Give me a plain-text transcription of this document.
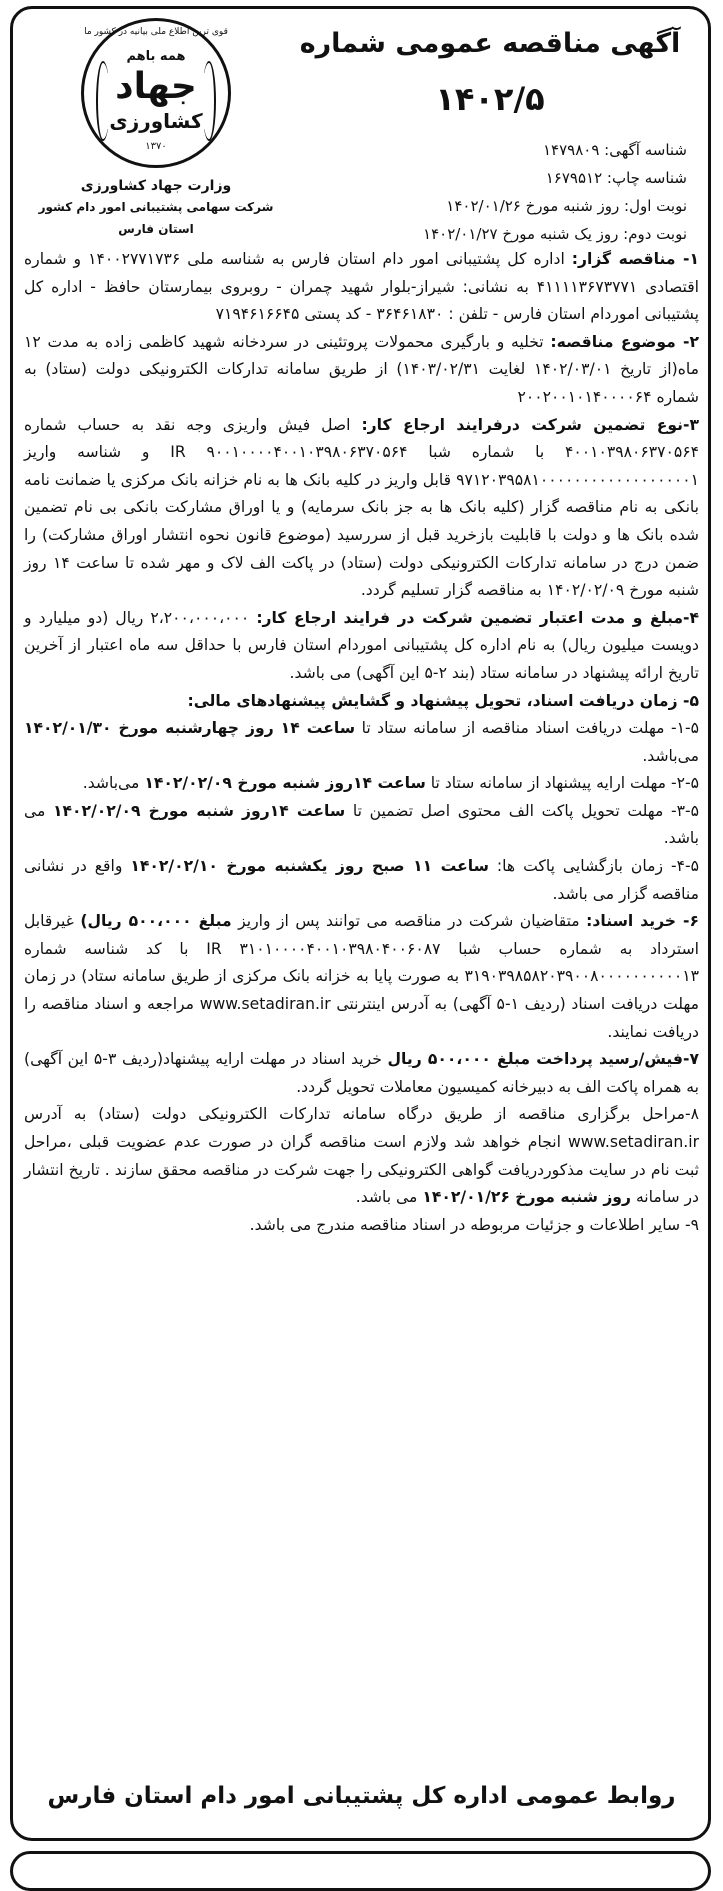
قوی ترین اطلاع ملی بیانیه در کشور ما
همه باهم
جهاد
کشاورزی
۱۳۷۰
وزارت جهاد کشاورزی
شرکت سهامی پشتیبانی امور دام کشور
استان فارس
آگهی مناقصه عمومی شماره
۱۴۰۲/۵
شناسه آگهی: ۱۴۷۹۸۰۹
شناسه چاپ: ۱۶۷۹۵۱۲
نوبت اول: روز شنبه مورخ ۱۴۰۲/۰۱/۲۶
نوبت دوم: روز یک شنبه مورخ ۱۴۰۲/۰۱/۲۷

۱- مناقصه گزار: اداره کل پشتیبانی امور دام استان فارس به شناسه ملی ۱۴۰۰۲۷۷۱۷۳۶ و شماره اقتصادی ۴۱۱۱۱۳۶۷۳۷۷۱ به نشانی: شیراز-بلوار شهید چمران - روبروی بیمارستان حافظ - اداره کل پشتیبانی اموردام استان فارس - تلفن : ۳۶۴۶۱۸۳۰ - کد پستی ۷۱۹۴۶۱۶۶۴۵

۲- موضوع مناقصه: تخلیه و بارگیری محمولات پروتئینی در سردخانه شهید کاظمی زاده به مدت ۱۲ ماه(از تاریخ ۱۴۰۲/۰۳/۰۱ لغایت ۱۴۰۳/۰۲/۳۱) از طریق سامانه تدارکات الکترونیکی دولت (ستاد) به شماره ۲۰۰۲۰۰۱۰۱۴۰۰۰۰۶۴

۳-نوع تضمین شرکت درفرایند ارجاع کار: اصل فیش واریزی وجه نقد به حساب شماره ۴۰۰۱۰۳۹۸۰۶۳۷۰۵۶۴ با شماره شبا IR ۹۰۰۱۰۰۰۰۴۰۰۱۰۳۹۸۰۶۳۷۰۵۶۴ و شناسه واریز ۹۷۱۲۰۳۹۵۸۱۰۰۰۰۰۰۰۰۰۰۰۰۰۰۰۰۰۰۱ قابل واریز در کلیه بانک ها به نام خزانه بانک مرکزی یا ضمانت نامه بانکی به نام مناقصه گزار (کلیه بانک ها به جز بانک سرمایه) و یا اوراق مشارکت بانکی بی نام تضمین شده بانک ها و دولت با قابلیت بازخرید قبل از سررسید (موضوع قانون نحوه انتشار اوراق مشارکت) را ضمن درج در سامانه تدارکات الکترونیکی دولت (ستاد) در پاکت الف لاک و مهر شده تا ساعت ۱۴ روز شنبه مورخ ۱۴۰۲/۰۲/۰۹ به مناقصه گزار تسلیم گردد.

۴-مبلغ و مدت اعتبار تضمین شرکت در فرایند ارجاع کار: ۲،۲۰۰،۰۰۰،۰۰۰ ریال (دو میلیارد و دویست میلیون ریال) به نام اداره کل پشتیبانی اموردام استان فارس با حداقل سه ماه اعتبار از آخرین تاریخ ارائه پیشنهاد در سامانه ستاد (بند ۲-۵ این آگهی) می باشد.

۵- زمان دریافت اسناد، تحویل پیشنهاد و گشایش پیشنهادهای مالی:

۱-۵- مهلت دریافت اسناد مناقصه از سامانه ستاد تا ساعت ۱۴ روز چهارشنبه مورخ ۱۴۰۲/۰۱/۳۰ می‌باشد.

۲-۵- مهلت ارایه پیشنهاد از سامانه ستاد تا ساعت ۱۴روز شنبه مورخ ۱۴۰۲/۰۲/۰۹ می‌باشد.

۳-۵- مهلت تحویل پاکت الف محتوی اصل تضمین تا ساعت ۱۴روز شنبه مورخ ۱۴۰۲/۰۲/۰۹ می باشد.

۴-۵- زمان بازگشایی پاکت ها: ساعت ۱۱ صبح روز یکشنبه مورخ ۱۴۰۲/۰۲/۱۰ واقع در نشانی مناقصه گزار می باشد.

۶- خرید اسناد: متقاضیان شرکت در مناقصه می توانند پس از واریز مبلغ ۵۰۰،۰۰۰ ریال) غیرقابل استرداد به شماره حساب شبا ۳۱۰۱۰۰۰۰۴۰۰۱۰۳۹۸۰۴۰۰۶۰۸۷ IR با کد شناسه شماره ۳۱۹۰۳۹۸۵۸۲۰۳۹۰۰۸۰۰۰۰۰۰۰۰۰۰۱۳ به صورت پایا به خزانه بانک مرکزی از طریق سامانه ستاد) در زمان مهلت دریافت اسناد (ردیف ۱-۵ آگهی) به آدرس اینترنتی www.setadiran.ir مراجعه و اسناد مناقصه را دریافت نمایند.

۷-فیش/رسید پرداخت مبلغ ۵۰۰،۰۰۰ ریال خرید اسناد در مهلت ارایه پیشنهاد(ردیف ۳-۵ این آگهی) به همراه پاکت الف به دبیرخانه کمیسیون معاملات تحویل گردد.

۸-مراحل برگزاری مناقصه از طریق درگاه سامانه تدارکات الکترونیکی دولت (ستاد) به آدرس www.setadiran.ir انجام خواهد شد ولازم است مناقصه گران در صورت عدم عضویت قبلی ،مراحل ثبت نام در سایت مذکوردریافت گواهی الکترونیکی را جهت شرکت در مناقصه محقق سازند . تاریخ انتشار در سامانه روز شنبه مورخ ۱۴۰۲/۰۱/۲۶ می باشد.

۹- سایر اطلاعات و جزئیات مربوطه در اسناد مناقصه مندرج می باشد.

روابط عمومی اداره کل پشتیبانی امور دام استان فارس
